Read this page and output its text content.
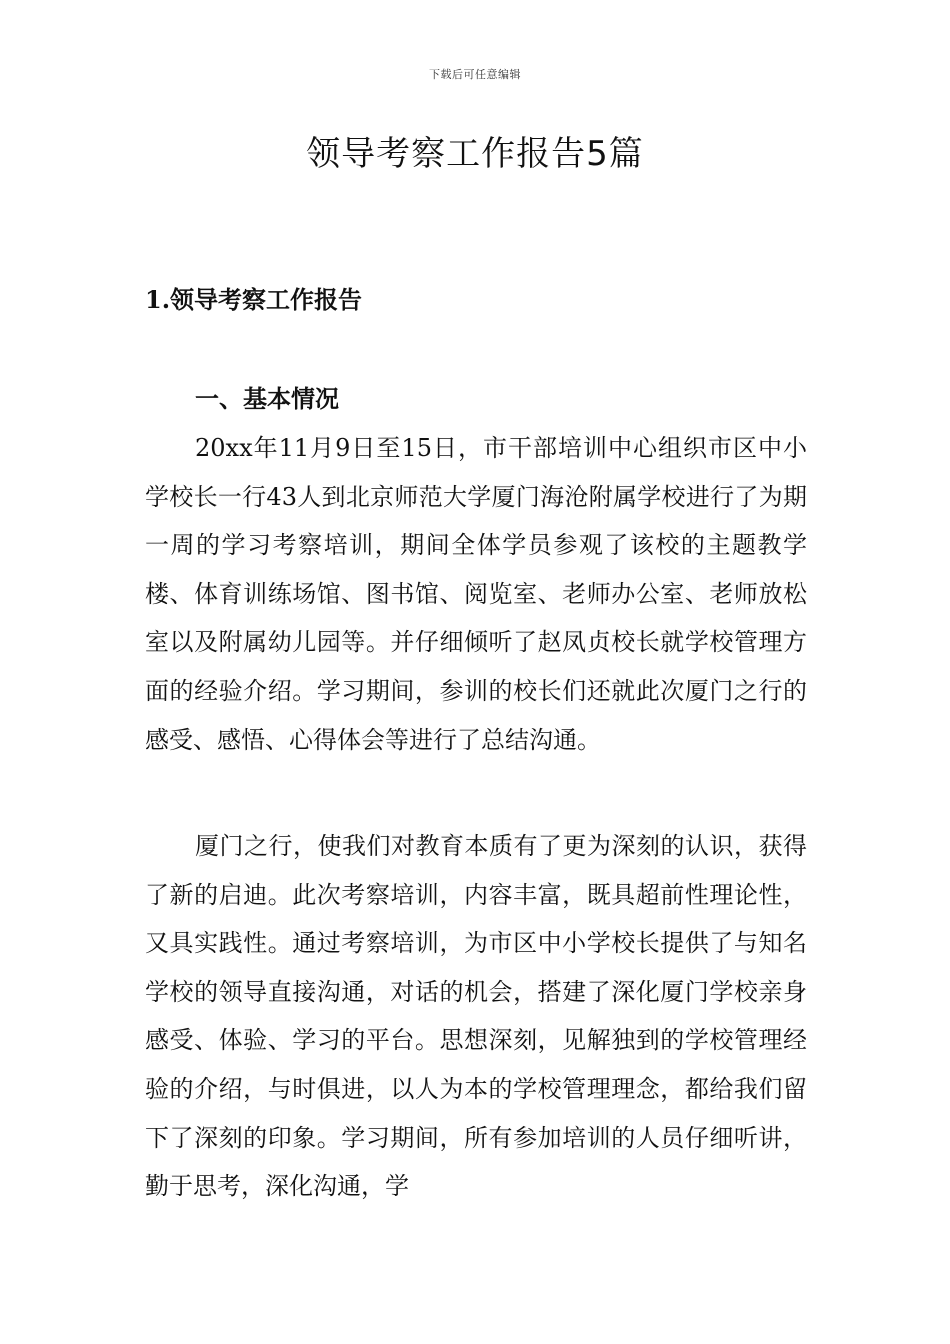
下载后可任意编辑
领导考察工作报告5篇
1.领导考察工作报告
一、基本情况

20xx年11月9日至15日，市干部培训中心组织市区中小学校长一行43人到北京师范大学厦门海沧附属学校进行了为期一周的学习考察培训，期间全体学员参观了该校的主题教学楼、体育训练场馆、图书馆、阅览室、老师办公室、老师放松室以及附属幼儿园等。并仔细倾听了赵凤贞校长就学校管理方面的经验介绍。学习期间，参训的校长们还就此次厦门之行的感受、感悟、心得体会等进行了总结沟通。

厦门之行，使我们对教育本质有了更为深刻的认识，获得了新的启迪。此次考察培训，内容丰富，既具超前性理论性，又具实践性。通过考察培训，为市区中小学校长提供了与知名学校的领导直接沟通，对话的机会，搭建了深化厦门学校亲身感受、体验、学习的平台。思想深刻，见解独到的学校管理经验的介绍，与时俱进，以人为本的学校管理理念，都给我们留下了深刻的印象。学习期间，所有参加培训的人员仔细听讲，勤于思考，深化沟通，学
